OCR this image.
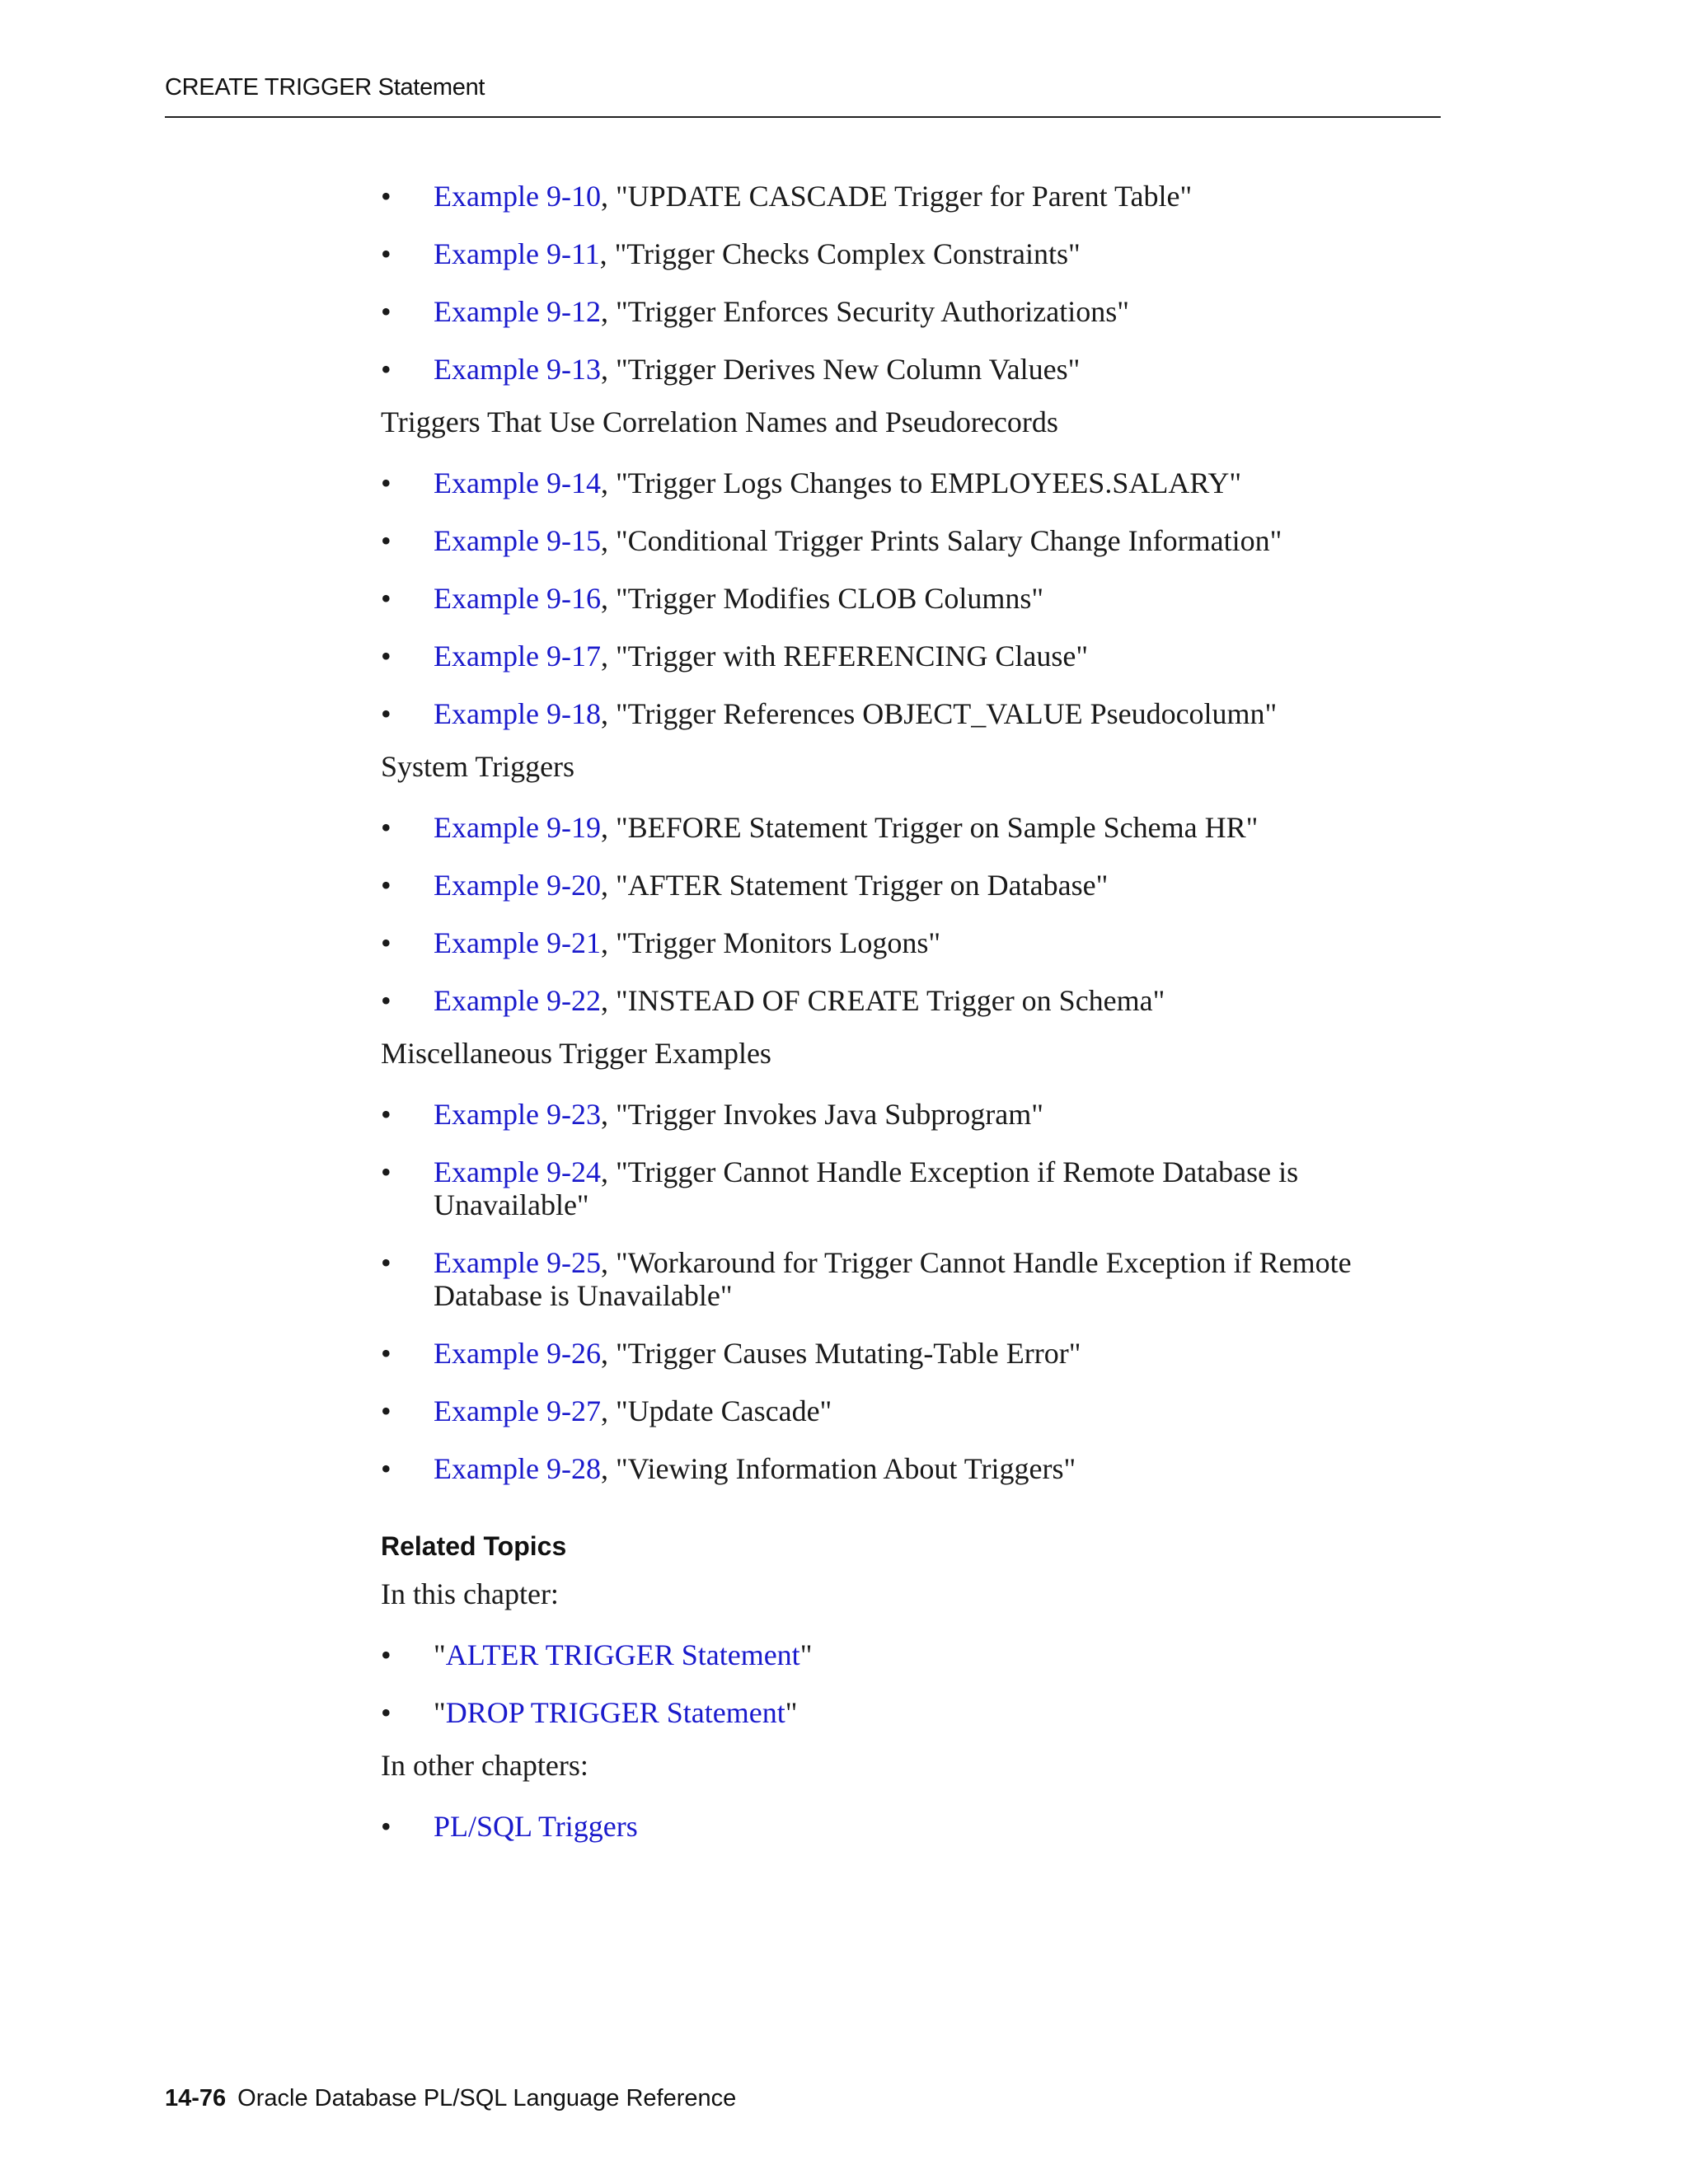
CREATE TRIGGER Statement
• Example 9-10, "UPDATE CASCADE Trigger for Parent Table"
• Example 9-11, "Trigger Checks Complex Constraints"
• Example 9-12, "Trigger Enforces Security Authorizations"
• Example 9-13, "Trigger Derives New Column Values"
Triggers That Use Correlation Names and Pseudorecords
• Example 9-14, "Trigger Logs Changes to EMPLOYEES.SALARY"
• Example 9-15, "Conditional Trigger Prints Salary Change Information"
• Example 9-16, "Trigger Modifies CLOB Columns"
• Example 9-17, "Trigger with REFERENCING Clause"
• Example 9-18, "Trigger References OBJECT_VALUE Pseudocolumn"
System Triggers
• Example 9-19, "BEFORE Statement Trigger on Sample Schema HR"
• Example 9-20, "AFTER Statement Trigger on Database"
• Example 9-21, "Trigger Monitors Logons"
• Example 9-22, "INSTEAD OF CREATE Trigger on Schema"
Miscellaneous Trigger Examples
• Example 9-23, "Trigger Invokes Java Subprogram"
• Example 9-24, "Trigger Cannot Handle Exception if Remote Database is Unavailable"
• Example 9-25, "Workaround for Trigger Cannot Handle Exception if Remote Database is Unavailable"
• Example 9-26, "Trigger Causes Mutating-Table Error"
• Example 9-27, "Update Cascade"
• Example 9-28, "Viewing Information About Triggers"
Related Topics
In this chapter:
• "ALTER TRIGGER Statement"
• "DROP TRIGGER Statement"
In other chapters:
• PL/SQL Triggers
14-76 Oracle Database PL/SQL Language Reference
